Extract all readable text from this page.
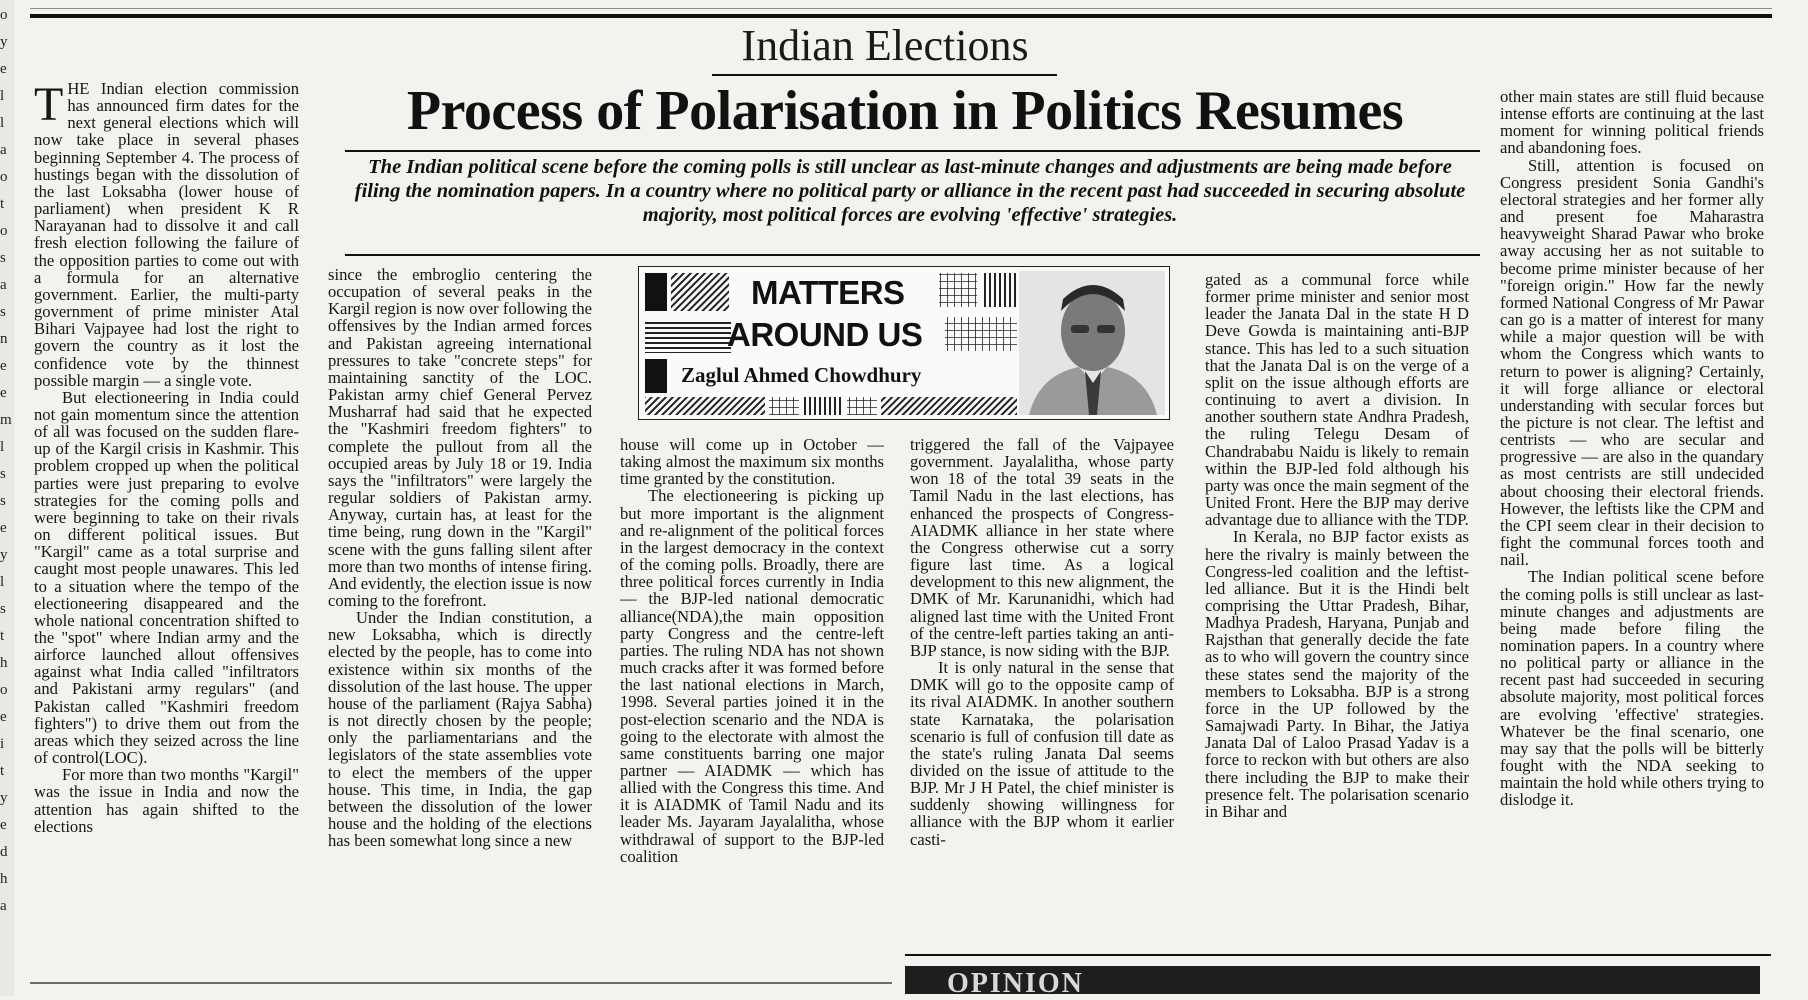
o
y
e
l
l
a
o
t
o
s
a
s
n
e
e
m
l
s
s
e
y
l
s
t
h
o
e
i
t
y
e
d
h
a
Indian Elections
Process of Polarisation in Politics Resumes
The Indian political scene before the coming polls is still unclear as last-minute changes and adjustments are being made before filing the nomination papers. In a country where no political party or alliance in the recent past had succeeded in securing absolute majority, most political forces are evolving 'effective' strategies.
MATTERS
AROUND US
Zaglul Ahmed Chowdhury
T HE Indian election commission has announced firm dates for the next general elections which will now take place in several phases beginning September 4. The process of hustings began with the dissolution of the last Loksabha (lower house of parliament) when president K R Narayanan had to dissolve it and call fresh election following the failure of the opposition parties to come out with a formula for an alternative government. Earlier, the multi-party government of prime minister Atal Bihari Vajpayee had lost the right to govern the country as it lost the confidence vote by the thinnest possible margin — a single vote.

But electioneering in India could not gain momentum since the attention of all was focused on the sudden flare-up of the Kargil crisis in Kashmir. This problem cropped up when the political parties were just preparing to evolve strategies for the coming polls and were beginning to take on their rivals on different political issues. But "Kargil" came as a total surprise and caught most people unawares. This led to a situation where the tempo of the electioneering disappeared and the whole national concentration shifted to the "spot" where Indian army and the airforce launched allout offensives against what India called "infiltrators and Pakistani army regulars" (and Pakistan called "Kashmiri freedom fighters") to drive them out from the areas which they seized across the line of control(LOC).

For more than two months "Kargil" was the issue in India and now the attention has again shifted to the elections

since the embroglio centering the occupation of several peaks in the Kargil region is now over following the offensives by the Indian armed forces and Pakistan agreeing international pressures to take "concrete steps" for maintaining sanctity of the LOC. Pakistan army chief General Pervez Musharraf had said that he expected the "Kashmiri freedom fighters" to complete the pullout from all the occupied areas by July 18 or 19. India says the "infiltrators" were largely the regular soldiers of Pakistan army. Anyway, curtain has, at least for the time being, rung down in the "Kargil" scene with the guns falling silent after more than two months of intense firing. And evidently, the election issue is now coming to the forefront.

Under the Indian constitution, a new Loksabha, which is directly elected by the people, has to come into existence within six months of the dissolution of the last house. The upper house of the parliament (Rajya Sabha) is not directly chosen by the people; only the parliamentarians and the legislators of the state assemblies vote to elect the members of the upper house. This time, in India, the gap between the dissolution of the lower house and the holding of the elections has been somewhat long since a new

house will come up in October — taking almost the maximum six months time granted by the constitution.

The electioneering is picking up but more important is the alignment and re-alignment of the political forces in the largest democracy in the context of the coming polls. Broadly, there are three political forces currently in India — the BJP-led national democratic alliance(NDA),the main opposition party Congress and the centre-left parties. The ruling NDA has not shown much cracks after it was formed before the last national elections in March, 1998. Several parties joined it in the post-election scenario and the NDA is going to the electorate with almost the same constituents barring one major partner — AIADMK — which has allied with the Congress this time. And it is AIADMK of Tamil Nadu and its leader Ms. Jayaram Jayalalitha, whose withdrawal of support to the BJP-led coalition

triggered the fall of the Vajpayee government. Jayalalitha, whose party won 18 of the total 39 seats in the Tamil Nadu in the last elections, has enhanced the prospects of Congress-AIADMK alliance in her state where the Congress otherwise cut a sorry figure last time. As a logical development to this new alignment, the DMK of Mr. Karunanidhi, which had aligned last time with the United Front of the centre-left parties taking an anti-BJP stance, is now siding with the BJP.

It is only natural in the sense that DMK will go to the opposite camp of its rival AIADMK. In another southern state Karnataka, the polarisation scenario is full of confusion till date as the state's ruling Janata Dal seems divided on the issue of attitude to the BJP. Mr J H Patel, the chief minister is suddenly showing willingness for alliance with the BJP whom it earlier casti-

gated as a communal force while former prime minister and senior most leader the Janata Dal in the state H D Deve Gowda is maintaining anti-BJP stance. This has led to a such situation that the Janata Dal is on the verge of a split on the issue although efforts are continuing to avert a division. In another southern state Andhra Pradesh, the ruling Telegu Desam of Chandrababu Naidu is likely to remain within the BJP-led fold although his party was once the main segment of the United Front. Here the BJP may derive advantage due to alliance with the TDP.

In Kerala, no BJP factor exists as here the rivalry is mainly between the Congress-led coalition and the leftist-led alliance. But it is the Hindi belt comprising the Uttar Pradesh, Bihar, Madhya Pradesh, Haryana, Punjab and Rajsthan that generally decide the fate as to who will govern the country since these states send the majority of the members to Loksabha. BJP is a strong force in the UP followed by the Samajwadi Party. In Bihar, the Jatiya Janata Dal of Laloo Prasad Yadav is a force to reckon with but others are also there including the BJP to make their presence felt. The polarisation scenario in Bihar and

other main states are still fluid because intense efforts are continuing at the last moment for winning political friends and abandoning foes.

Still, attention is focused on Congress president Sonia Gandhi's electoral strategies and her former ally and present foe Maharastra heavyweight Sharad Pawar who broke away accusing her as not suitable to become prime minister because of her "foreign origin." How far the newly formed National Congress of Mr Pawar can go is a matter of interest for many while a major question will be with whom the Congress which wants to return to power is aligning? Certainly, it will forge alliance or electoral understanding with secular forces but the picture is not clear. The leftist and centrists — who are secular and progressive — are also in the quandary as most centrists are still undecided about choosing their electoral friends. However, the leftists like the CPM and the CPI seem clear in their decision to fight the communal forces tooth and nail.

The Indian political scene before the coming polls is still unclear as last-minute changes and adjustments are being made before filing the nomination papers. In a country where no political party or alliance in the recent past had succeeded in securing absolute majority, most political forces are evolving 'effective' strategies. Whatever be the final scenario, one may say that the polls will be bitterly fought with the NDA seeking to maintain the hold while others trying to dislodge it.

OPINION
